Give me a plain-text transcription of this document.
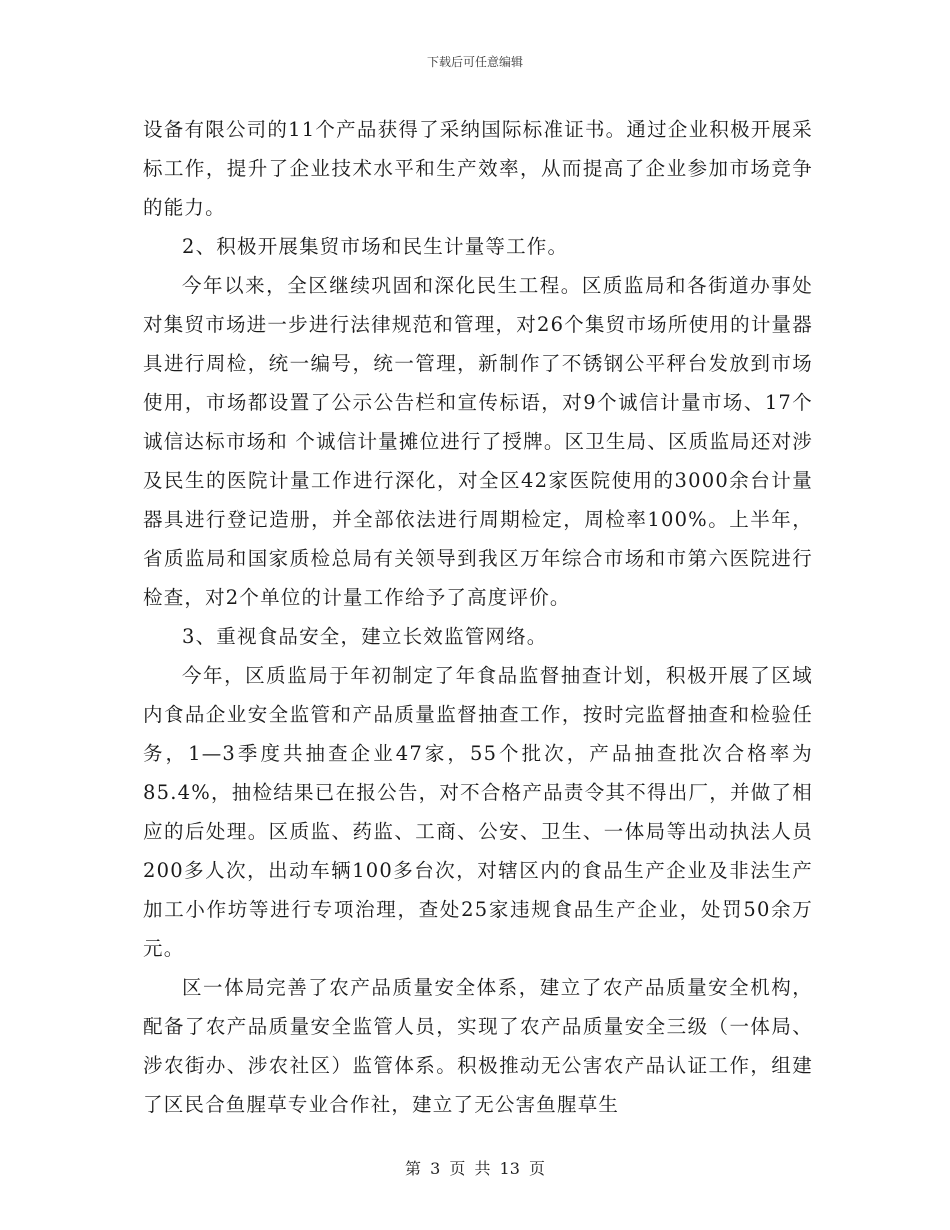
下载后可任意编辑

设备有限公司的11个产品获得了采纳国际标准证书。通过企业积极开展采标工作，提升了企业技术水平和生产效率，从而提高了企业参加市场竞争的能力。

2、积极开展集贸市场和民生计量等工作。

今年以来，全区继续巩固和深化民生工程。区质监局和各街道办事处对集贸市场进一步进行法律规范和管理，对26个集贸市场所使用的计量器具进行周检，统一编号，统一管理，新制作了不锈钢公平秤台发放到市场使用，市场都设置了公示公告栏和宣传标语，对9个诚信计量市场、17个诚信达标市场和 个诚信计量摊位进行了授牌。区卫生局、区质监局还对涉及民生的医院计量工作进行深化，对全区42家医院使用的3000余台计量器具进行登记造册，并全部依法进行周期检定，周检率100%。上半年，省质监局和国家质检总局有关领导到我区万年综合市场和市第六医院进行检查，对2个单位的计量工作给予了高度评价。

3、重视食品安全，建立长效监管网络。

今年，区质监局于年初制定了年食品监督抽查计划，积极开展了区域内食品企业安全监管和产品质量监督抽查工作，按时完监督抽查和检验任务，1—3季度共抽查企业47家，55个批次，产品抽查批次合格率为85.4%，抽检结果已在报公告，对不合格产品责令其不得出厂，并做了相应的后处理。区质监、药监、工商、公安、卫生、一体局等出动执法人员200多人次，出动车辆100多台次，对辖区内的食品生产企业及非法生产加工小作坊等进行专项治理，查处25家违规食品生产企业，处罚50余万元。

区一体局完善了农产品质量安全体系，建立了农产品质量安全机构，配备了农产品质量安全监管人员，实现了农产品质量安全三级（一体局、涉农街办、涉农社区）监管体系。积极推动无公害农产品认证工作，组建了区民合鱼腥草专业合作社，建立了无公害鱼腥草生

第 3 页 共 13 页
